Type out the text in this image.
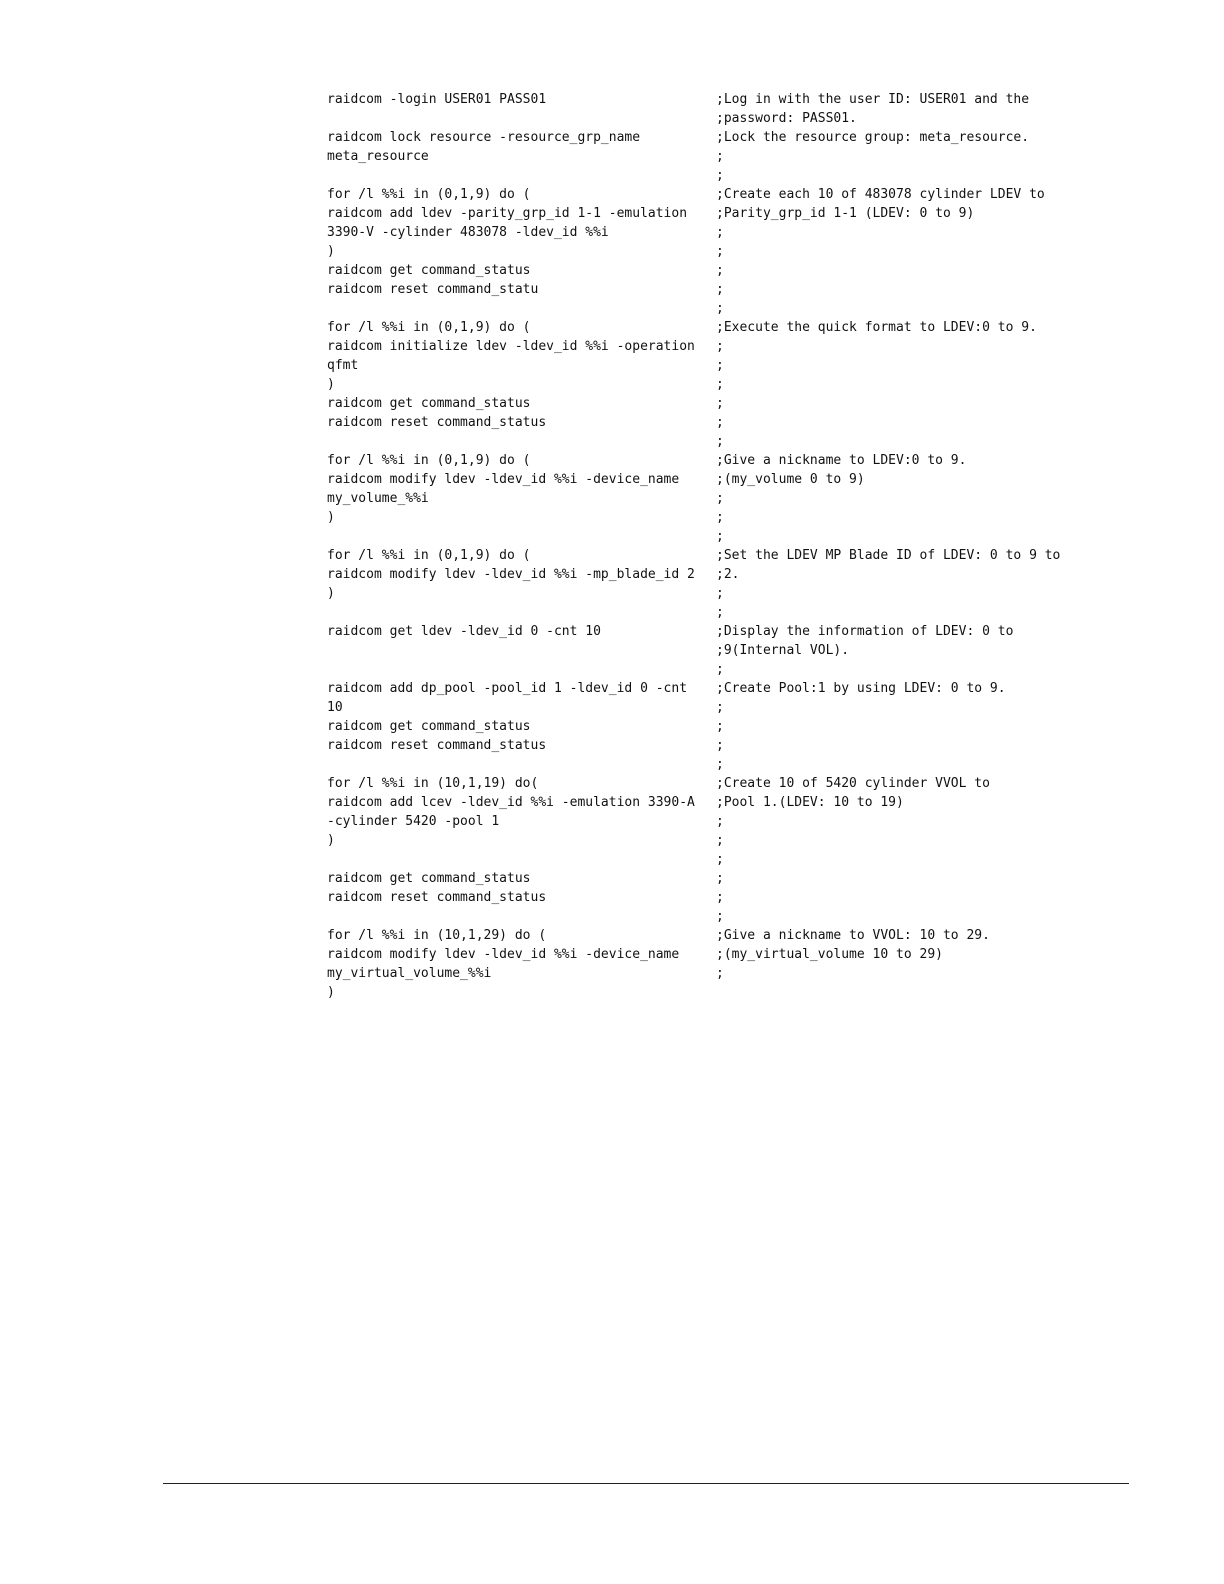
raidcom -login USER01 PASS01	;Log in with the user ID: USER01 and the
;password: PASS01.
raidcom lock resource -resource_grp_name	;Lock the resource group: meta_resource.
meta_resource	;
;
for /l %%i in (0,1,9) do (	;Create each 10 of 483078 cylinder LDEV to
raidcom add ldev -parity_grp_id 1-1 -emulation	;Parity_grp_id 1-1 (LDEV: 0 to 9)
3390-V -cylinder 483078 -ldev_id %%i	;
)	;
raidcom get command_status	;
raidcom reset command_statu	;
;
for /l %%i in (0,1,9) do (	;Execute the quick format to LDEV:0 to 9.
raidcom initialize ldev -ldev_id %%i -operation	;
qfmt	;
)	;
raidcom get command_status	;
raidcom reset command_status	;
;
for /l %%i in (0,1,9) do (	;Give a nickname to LDEV:0 to 9.
raidcom modify ldev -ldev_id %%i -device_name	;(my_volume 0 to 9)
my_volume_%%i	;
)	;
;
for /l %%i in (0,1,9) do (	;Set the LDEV MP Blade ID of LDEV: 0 to 9 to
raidcom modify ldev -ldev_id %%i -mp_blade_id 2	;2.
)	;
;
raidcom get ldev -ldev_id 0 -cnt 10	;Display the information of LDEV: 0 to
;9(Internal VOL).
;
raidcom add dp_pool -pool_id 1 -ldev_id 0 -cnt	;Create Pool:1 by using LDEV: 0 to 9.
10	;
raidcom get command_status	;
raidcom reset command_status	;
;
for /l %%i in (10,1,19) do(	;Create 10 of 5420 cylinder VVOL to
raidcom add lcev -ldev_id %%i -emulation 3390-A	;Pool 1.(LDEV: 10 to 19)
-cylinder 5420 -pool 1	;
)	;
;
raidcom get command_status	;
raidcom reset command_status	;
;
for /l %%i in (10,1,29) do (	;Give a nickname to VVOL: 10 to 29.
raidcom modify ldev -ldev_id %%i -device_name	;(my_virtual_volume 10 to 29)
my_virtual_volume_%%i	;
)
